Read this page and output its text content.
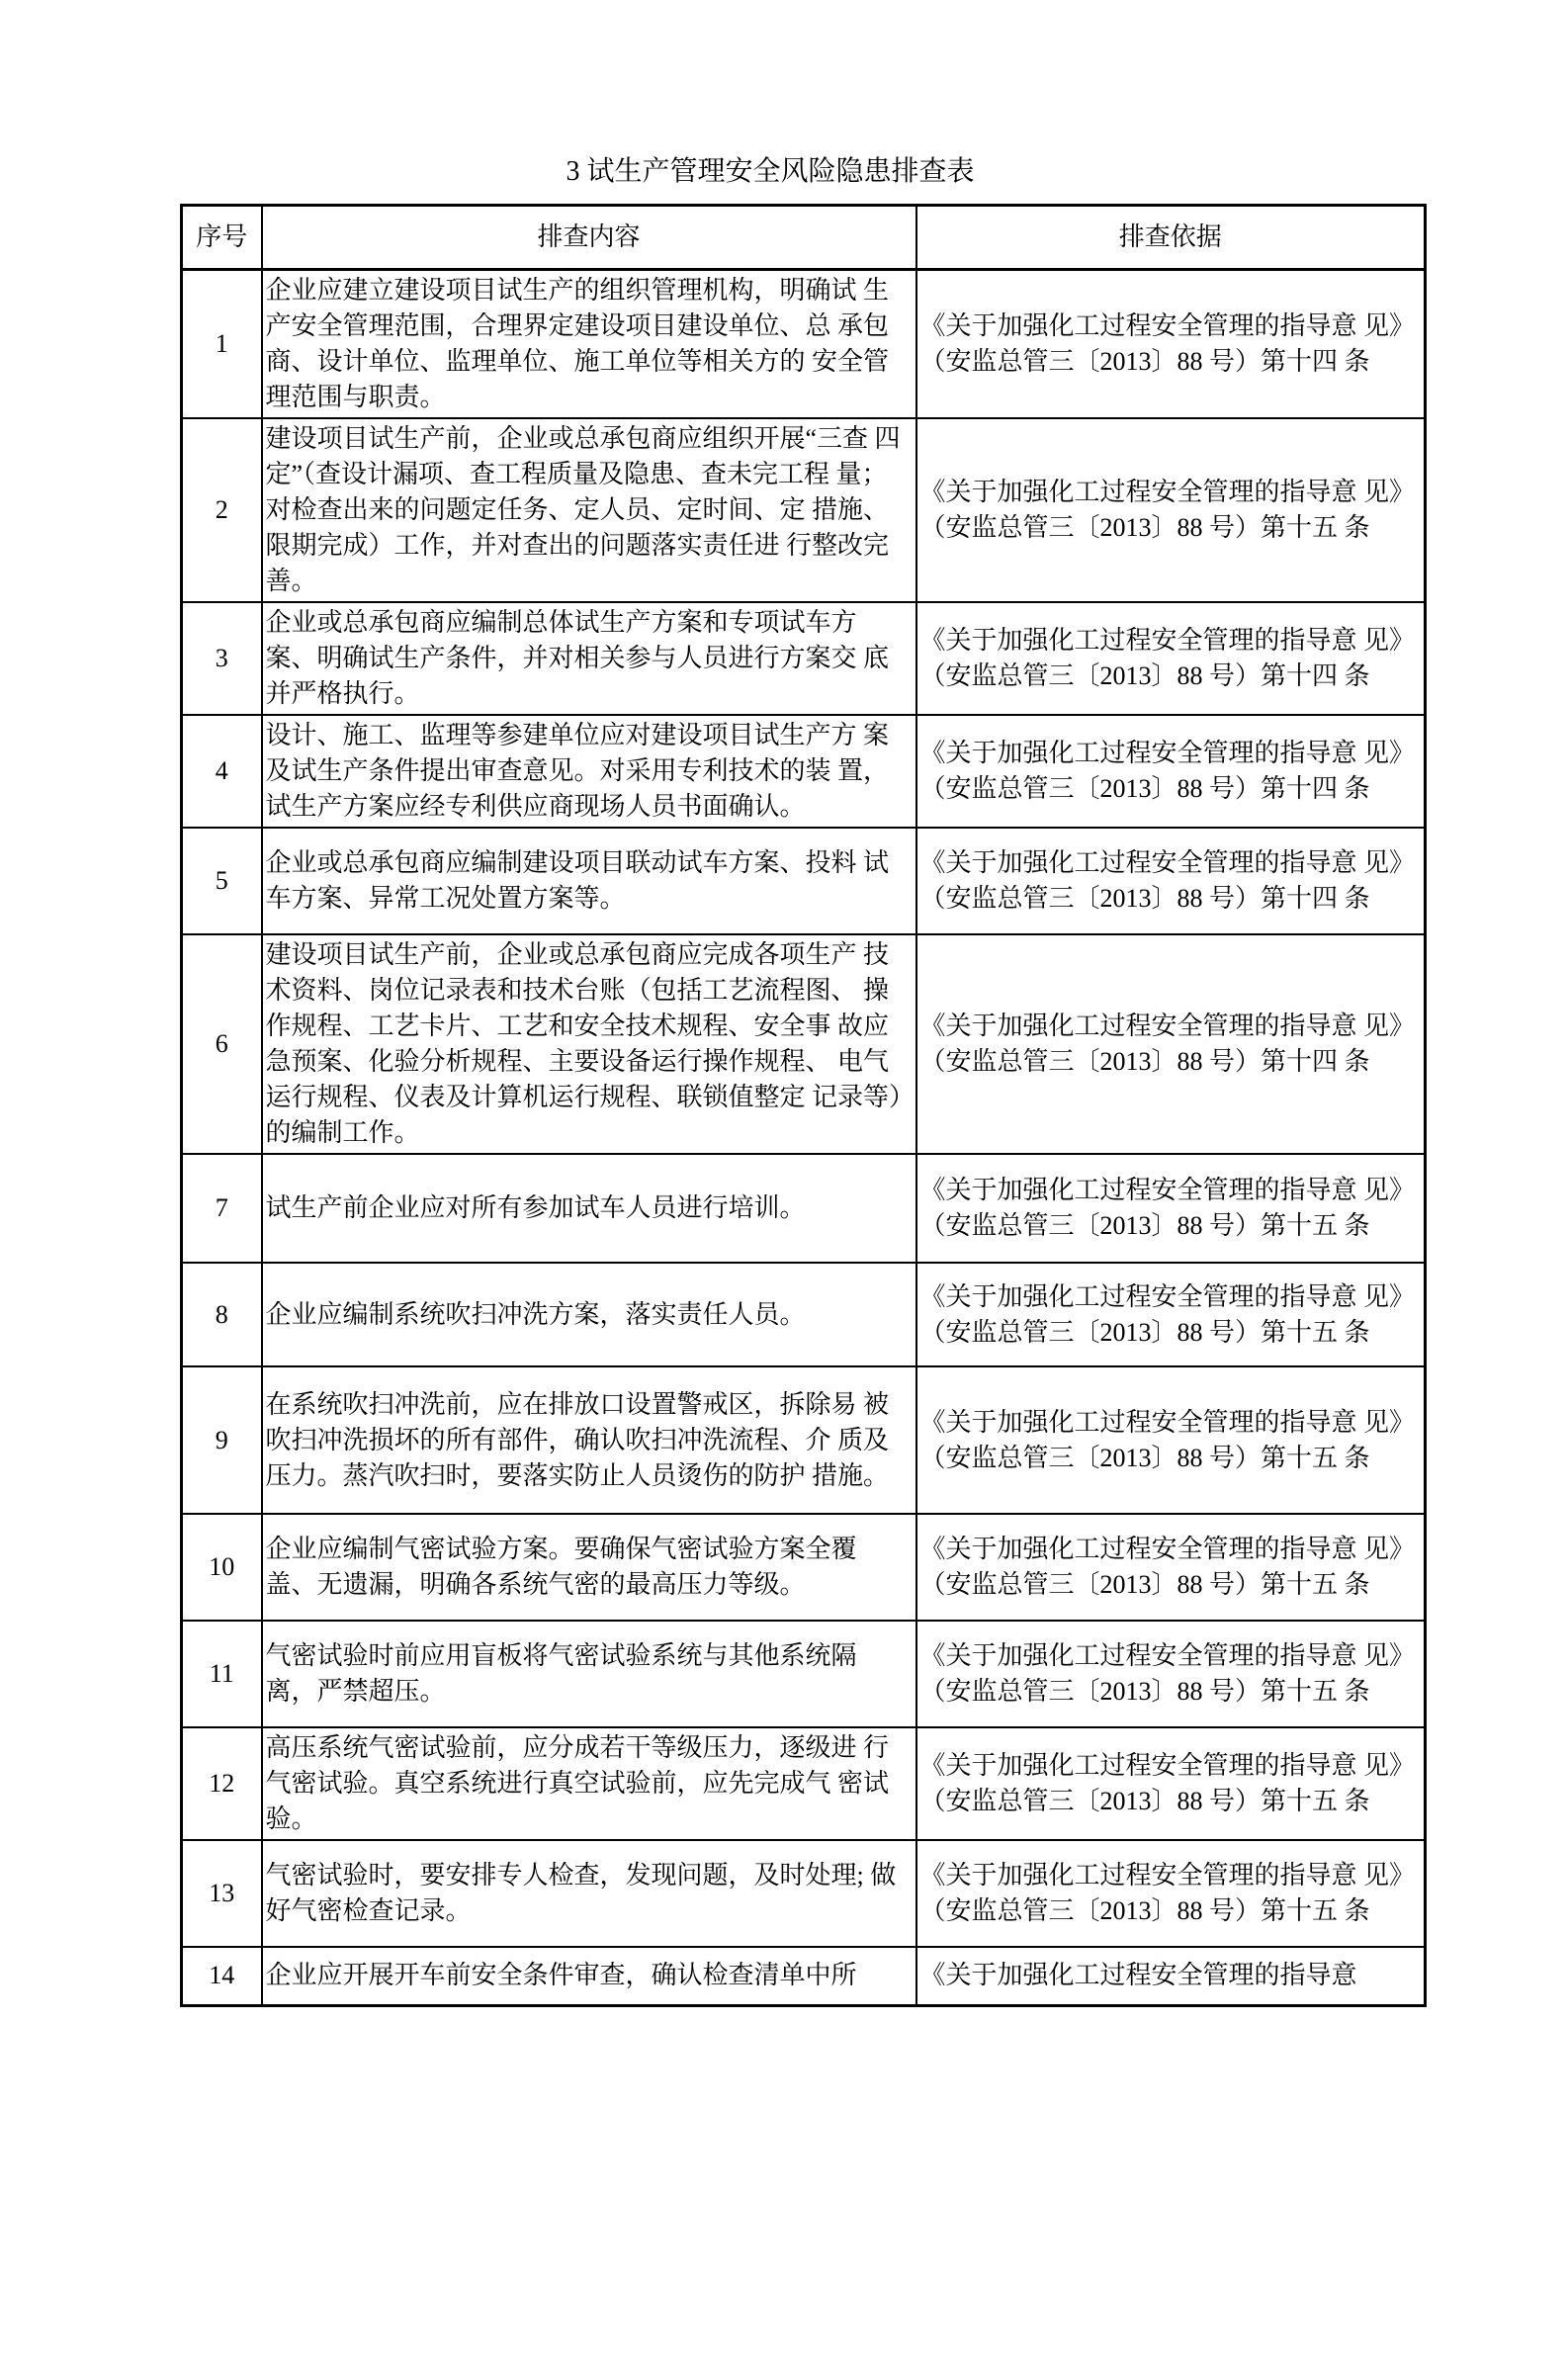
3 试生产管理安全风险隐患排查表
序号	排查内容	排查依据
1	企业应建立建设项目试生产的组织管理机构，明确试 生产安全管理范围，合理界定建设项目建设单位、总 承包商、设计单位、监理单位、施工单位等相关方的 安全管理范围与职责。	《关于加强化工过程安全管理的指导意 见》（安监总管三〔2013〕88 号）第十四 条
2	建设项目试生产前，企业或总承包商应组织开展“三查 四定”（查设计漏项、查工程质量及隐患、查未完工程 量；对检查出来的问题定任务、定人员、定时间、定 措施、限期完成）工作，并对查出的问题落实责任进 行整改完善。	《关于加强化工过程安全管理的指导意 见》（安监总管三〔2013〕88 号）第十五 条
3	企业或总承包商应编制总体试生产方案和专项试车方 案、明确试生产条件，并对相关参与人员进行方案交 底并严格执行。	《关于加强化工过程安全管理的指导意 见》（安监总管三〔2013〕88 号）第十四 条
4	设计、施工、监理等参建单位应对建设项目试生产方 案及试生产条件提出审查意见。对采用专利技术的装 置，试生产方案应经专利供应商现场人员书面确认。	《关于加强化工过程安全管理的指导意 见》（安监总管三〔2013〕88 号）第十四 条
5	企业或总承包商应编制建设项目联动试车方案、投料 试车方案、异常工况处置方案等。	《关于加强化工过程安全管理的指导意 见》（安监总管三〔2013〕88 号）第十四 条
6	建设项目试生产前，企业或总承包商应完成各项生产 技术资料、岗位记录表和技术台账（包括工艺流程图、 操作规程、工艺卡片、工艺和安全技术规程、安全事 故应急预案、化验分析规程、主要设备运行操作规程、 电气运行规程、仪表及计算机运行规程、联锁值整定 记录等）的编制工作。	《关于加强化工过程安全管理的指导意 见》（安监总管三〔2013〕88 号）第十四 条
7	试生产前企业应对所有参加试车人员进行培训。	《关于加强化工过程安全管理的指导意 见》（安监总管三〔2013〕88 号）第十五 条
8	企业应编制系统吹扫冲洗方案，落实责任人员。	《关于加强化工过程安全管理的指导意 见》（安监总管三〔2013〕88 号）第十五 条
9	在系统吹扫冲洗前，应在排放口设置警戒区，拆除易 被吹扫冲洗损坏的所有部件，确认吹扫冲洗流程、介 质及压力。蒸汽吹扫时，要落实防止人员烫伤的防护 措施。	《关于加强化工过程安全管理的指导意 见》（安监总管三〔2013〕88 号）第十五 条
10	企业应编制气密试验方案。要确保气密试验方案全覆 盖、无遗漏，明确各系统气密的最高压力等级。	《关于加强化工过程安全管理的指导意 见》（安监总管三〔2013〕88 号）第十五 条
11	气密试验时前应用盲板将气密试验系统与其他系统隔 离，严禁超压。	《关于加强化工过程安全管理的指导意 见》（安监总管三〔2013〕88 号）第十五 条
12	高压系统气密试验前，应分成若干等级压力，逐级进 行气密试验。真空系统进行真空试验前，应先完成气 密试验。	《关于加强化工过程安全管理的指导意 见》（安监总管三〔2013〕88 号）第十五 条
13	气密试验时，要安排专人检查，发现问题，及时处理; 做好气密检查记录。	《关于加强化工过程安全管理的指导意 见》（安监总管三〔2013〕88 号）第十五 条
14	企业应开展开车前安全条件审查，确认检查清单中所	《关于加强化工过程安全管理的指导意
